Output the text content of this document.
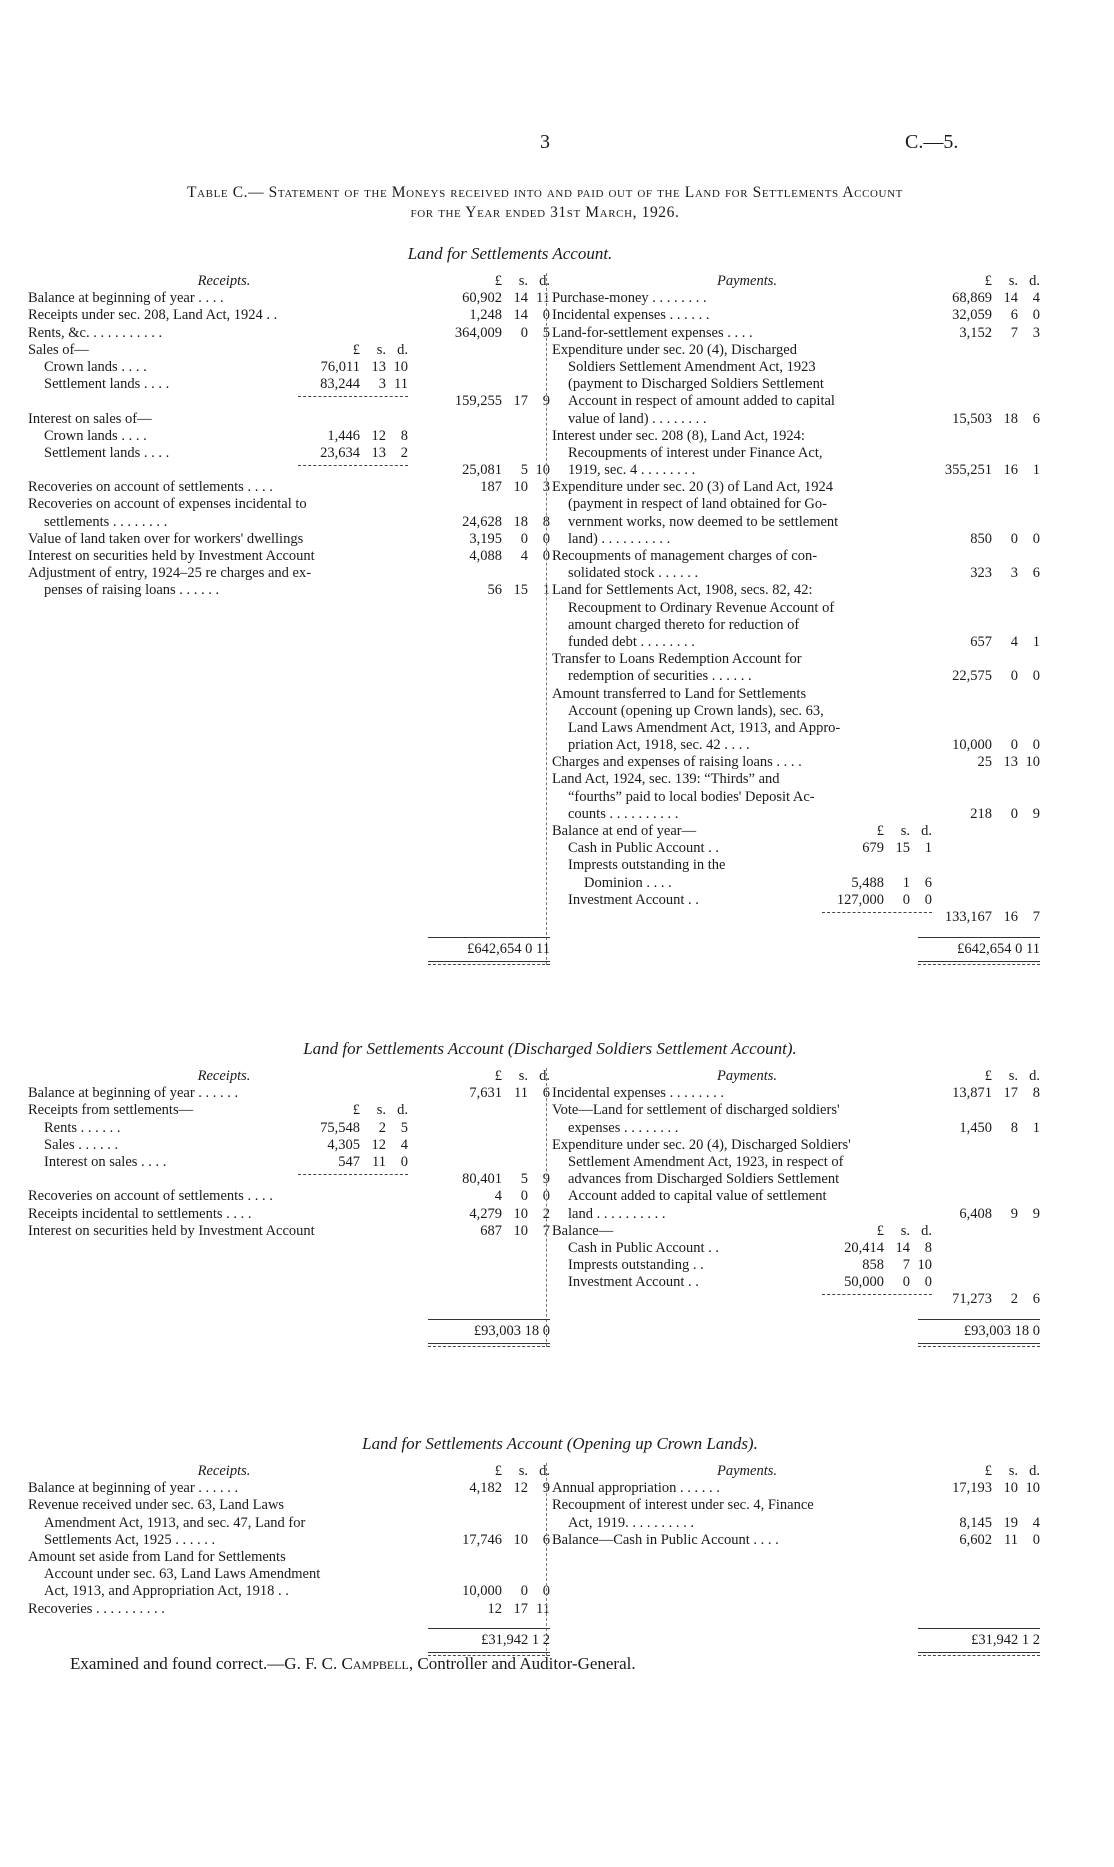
3	C.—5.
Table C.— Statement of the Moneys received into and paid out of the Land for Settlements Account
for the Year ended 31st March, 1926.
Land for Settlements Account.
Receipts.	£ s. d.
Balance at beginning of year . . . .	60,902 14 11
Receipts under sec. 208, Land Act, 1924 . .	1,248 14 0
Rents, &c. . . . . . . . . . .	364,009 0 5
Sales of—	£ s. d.
Crown lands . . . .	76,011 13 10
Settlement lands . . . .	83,244 3 11
159,255 17 9
Interest on sales of—
Crown lands . . . .	1,446 12 8
Settlement lands . . . .	23,634 13 2
25,081 5 10
Recoveries on account of settlements . . . .	187 10 3
Recoveries on account of expenses incidental to
settlements . . . . . . . .	24,628 18 8
Value of land taken over for workers' dwellings	3,195 0 0
Interest on securities held by Investment Account	4,088 4 0
Adjustment of entry, 1924–25 re charges and ex-
penses of raising loans . . . . . .	56 15 1
Payments.	£ s. d.
Purchase-money . . . . . . . .	68,869 14 4
Incidental expenses . . . . . .	32,059 6 0
Land-for-settlement expenses . . . .	3,152 7 3
Expenditure under sec. 20 (4), Discharged
Soldiers Settlement Amendment Act, 1923
(payment to Discharged Soldiers Settlement
Account in respect of amount added to capital
value of land) . . . . . . . .	15,503 18 6
Interest under sec. 208 (8), Land Act, 1924:
Recoupments of interest under Finance Act,
1919, sec. 4 . . . . . . . .	355,251 16 1
Expenditure under sec. 20 (3) of Land Act, 1924
(payment in respect of land obtained for Go-
vernment works, now deemed to be settlement
land) . . . . . . . . . .	850 0 0
Recoupments of management charges of con-
solidated stock . . . . . .	323 3 6
Land for Settlements Act, 1908, secs. 82, 42:
Recoupment to Ordinary Revenue Account of
amount charged thereto for reduction of
funded debt . . . . . . . .	657 4 1
Transfer to Loans Redemption Account for
redemption of securities . . . . . .	22,575 0 0
Amount transferred to Land for Settlements
Account (opening up Crown lands), sec. 63,
Land Laws Amendment Act, 1913, and Appro-
priation Act, 1918, sec. 42 . . . .	10,000 0 0
Charges and expenses of raising loans . . . .	25 13 10
Land Act, 1924, sec. 139: “Thirds” and
“fourths” paid to local bodies' Deposit Ac-
counts . . . . . . . . . .	218 0 9
Balance at end of year—	£ s. d.
Cash in Public Account . .	679 15 1
Imprests outstanding in the
Dominion . . . .	5,488 1 6
Investment Account . .	127,000 0 0
133,167 16 7
£642,654 0 11	£642,654 0 11
Land for Settlements Account (Discharged Soldiers Settlement Account).
Receipts.	£ s. d.
Balance at beginning of year . . . . . .	7,631 11 6
Receipts from settlements—	£ s. d.
Rents . . . . . .	75,548 2 5
Sales . . . . . .	4,305 12 4
Interest on sales . . . .	547 11 0
80,401 5 9
Recoveries on account of settlements . . . .	4 0 0
Receipts incidental to settlements . . . .	4,279 10 2
Interest on securities held by Investment Account	687 10 7
Payments.	£ s. d.
Incidental expenses . . . . . . . .	13,871 17 8
Vote—Land for settlement of discharged soldiers'
expenses . . . . . . . .	1,450 8 1
Expenditure under sec. 20 (4), Discharged Soldiers'
Settlement Amendment Act, 1923, in respect of
advances from Discharged Soldiers Settlement
Account added to capital value of settlement
land . . . . . . . . . .	6,408 9 9
Balance—	£ s. d.
Cash in Public Account . .	20,414 14 8
Imprests outstanding . .	858 7 10
Investment Account . .	50,000 0 0
71,273 2 6
£93,003 18 0	£93,003 18 0
Land for Settlements Account (Opening up Crown Lands).
Receipts.	£ s. d.
Balance at beginning of year . . . . . .	4,182 12 9
Revenue received under sec. 63, Land Laws
Amendment Act, 1913, and sec. 47, Land for
Settlements Act, 1925 . . . . . .	17,746 10 6
Amount set aside from Land for Settlements
Account under sec. 63, Land Laws Amendment
Act, 1913, and Appropriation Act, 1918 . .	10,000 0 0
Recoveries . . . . . . . . . .	12 17 11
Payments.	£ s. d.
Annual appropriation . . . . . .	17,193 10 10
Recoupment of interest under sec. 4, Finance
Act, 1919. . . . . . . . . .	8,145 19 4
Balance—Cash in Public Account . . . .	6,602 11 0
£31,942 1 2	£31,942 1 2
Examined and found correct.—G. F. C. Campbell, Controller and Auditor-General.
